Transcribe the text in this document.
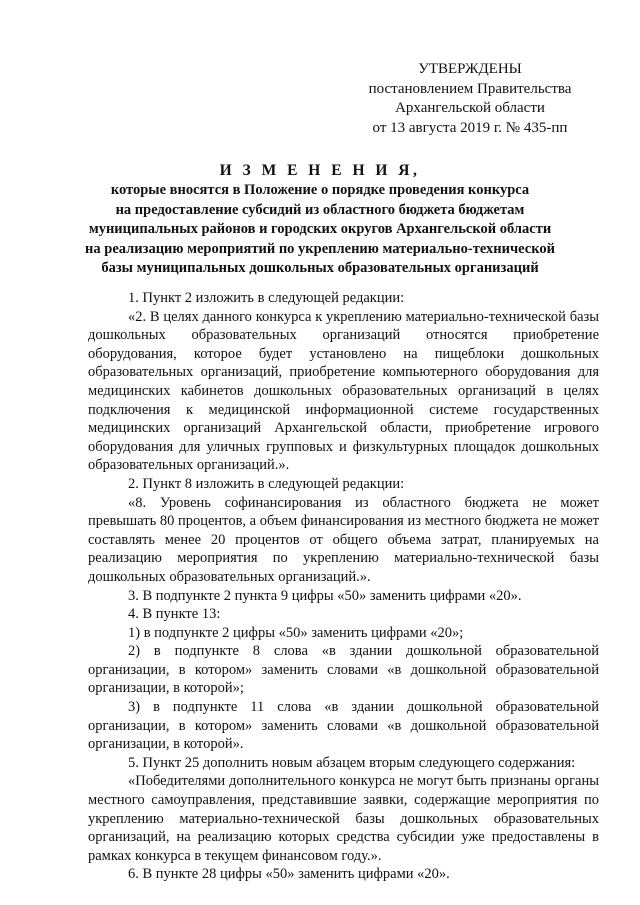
УТВЕРЖДЕНЫ
постановлением Правительства
Архангельской области
от 13 августа 2019 г. № 435-пп
И З М Е Н Е Н И Я,
которые вносятся в Положение о порядке проведения конкурса
на предоставление субсидий из областного бюджета бюджетам
муниципальных районов и городских округов Архангельской области
на реализацию мероприятий по укреплению материально-технической
базы муниципальных дошкольных образовательных организаций

1. Пункт 2 изложить в следующей редакции:

«2. В целях данного конкурса к укреплению материально-технической базы дошкольных образовательных организаций относятся приобретение оборудования, которое будет установлено на пищеблоки дошкольных образовательных организаций, приобретение компьютерного оборудования для медицинских кабинетов дошкольных образовательных организаций в целях подключения к медицинской информационной системе государственных медицинских организаций Архангельской области, приобретение игрового оборудования для уличных групповых и физкультурных площадок дошкольных образовательных организаций.».

2. Пункт 8 изложить в следующей редакции:

«8. Уровень софинансирования из областного бюджета не может превышать 80 процентов, а объем финансирования из местного бюджета не может составлять менее 20 процентов от общего объема затрат, планируемых на реализацию мероприятия по укреплению материально-технической базы дошкольных образовательных организаций.».

3. В подпункте 2 пункта 9 цифры «50» заменить цифрами «20».

4. В пункте 13:

1) в подпункте 2 цифры «50» заменить цифрами «20»;

2) в подпункте 8 слова «в здании дошкольной образовательной организации, в котором» заменить словами «в дошкольной образовательной организации, в которой»;

3) в подпункте 11 слова «в здании дошкольной образовательной организации, в котором» заменить словами «в дошкольной образовательной организации, в которой».

5. Пункт 25 дополнить новым абзацем вторым следующего содержания:

«Победителями дополнительного конкурса не могут быть признаны органы местного самоуправления, представившие заявки, содержащие мероприятия по укреплению материально-технической базы дошкольных образовательных организаций, на реализацию которых средства субсидии уже предоставлены в рамках конкурса в текущем финансовом году.».

6. В пункте 28 цифры «50» заменить цифрами «20».
